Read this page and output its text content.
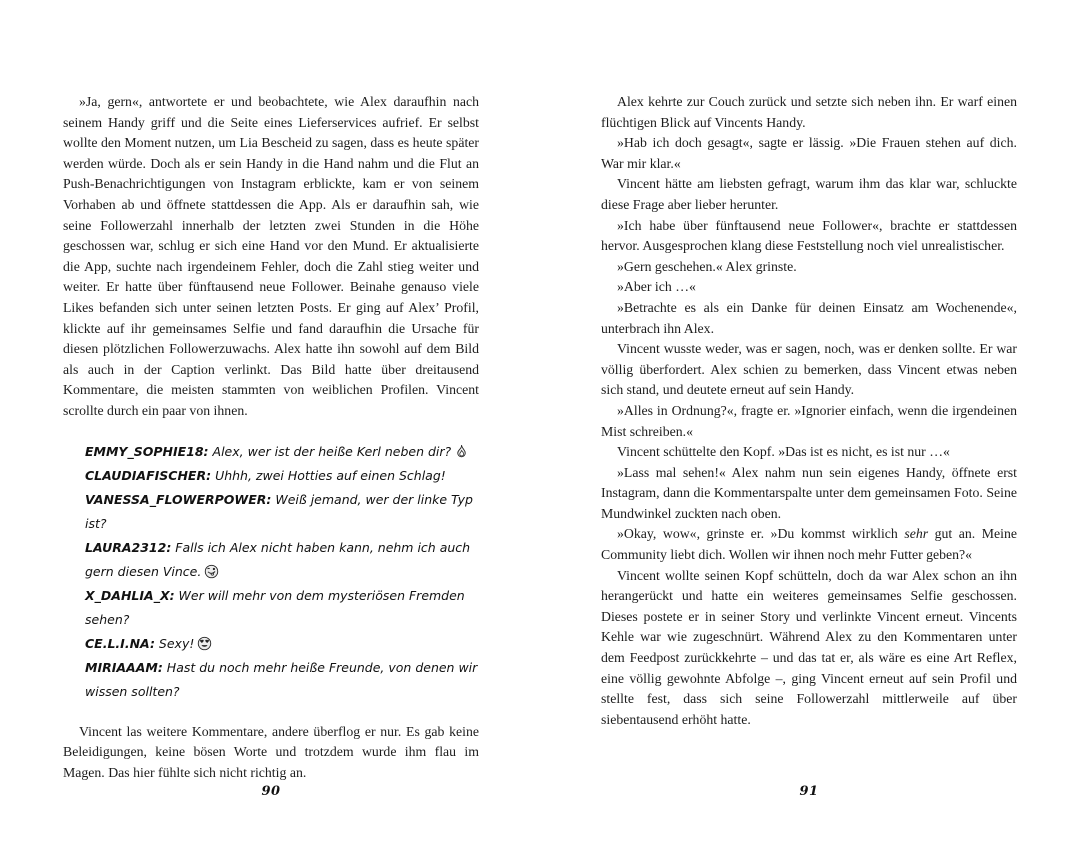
»Ja, gern«, antwortete er und beobachtete, wie Alex daraufhin nach seinem Handy griff und die Seite eines Lieferservices aufrief. Er selbst wollte den Moment nutzen, um Lia Bescheid zu sagen, dass es heute später werden würde. Doch als er sein Handy in die Hand nahm und die Flut an Push-Benachrichtigungen von Instagram erblickte, kam er von seinem Vorhaben ab und öffnete stattdessen die App. Als er daraufhin sah, wie seine Followerzahl innerhalb der letzten zwei Stunden in die Höhe geschossen war, schlug er sich eine Hand vor den Mund. Er aktualisierte die App, suchte nach irgendeinem Fehler, doch die Zahl stieg weiter und weiter. Er hatte über fünftausend neue Follower. Beinahe genauso viele Likes befanden sich unter seinen letzten Posts. Er ging auf Alex’ Profil, klickte auf ihr gemeinsames Selfie und fand daraufhin die Ursache für diesen plötzlichen Followerzuwachs. Alex hatte ihn sowohl auf dem Bild als auch in der Caption verlinkt. Das Bild hatte über dreitausend Kommentare, die meisten stammten von weiblichen Profilen. Vincent scrollte durch ein paar von ihnen.

EMMY_SOPHIE18: Alex, wer ist der heiße Kerl neben dir?
CLAUDIAFISCHER: Uhhh, zwei Hotties auf einen Schlag!
VANESSA_FLOWERPOWER: Weiß jemand, wer der linke Typ ist?
LAURA2312: Falls ich Alex nicht haben kann, nehm ich auch gern diesen Vince.
X_DAHLIA_X: Wer will mehr von dem mysteriösen Fremden sehen?
CE.L.I.NA: Sexy!
MIRIAAAM: Hast du noch mehr heiße Freunde, von denen wir wissen sollten?

Vincent las weitere Kommentare, andere überflog er nur. Es gab keine Beleidigungen, keine bösen Worte und trotzdem wurde ihm flau im Magen. Das hier fühlte sich nicht richtig an.

Alex kehrte zur Couch zurück und setzte sich neben ihn. Er warf einen flüchtigen Blick auf Vincents Handy.

»Hab ich doch gesagt«, sagte er lässig. »Die Frauen stehen auf dich. War mir klar.«

Vincent hätte am liebsten gefragt, warum ihm das klar war, schluckte diese Frage aber lieber herunter.

»Ich habe über fünftausend neue Follower«, brachte er stattdessen hervor. Ausgesprochen klang diese Feststellung noch viel unrealistischer.

»Gern geschehen.« Alex grinste.

»Aber ich …«

»Betrachte es als ein Danke für deinen Einsatz am Wochenende«, unterbrach ihn Alex.

Vincent wusste weder, was er sagen, noch, was er denken sollte. Er war völlig überfordert. Alex schien zu bemerken, dass Vincent etwas neben sich stand, und deutete erneut auf sein Handy.

»Alles in Ordnung?«, fragte er. »Ignorier einfach, wenn die irgendeinen Mist schreiben.«

Vincent schüttelte den Kopf. »Das ist es nicht, es ist nur …«

»Lass mal sehen!« Alex nahm nun sein eigenes Handy, öffnete erst Instagram, dann die Kommentarspalte unter dem gemeinsamen Foto. Seine Mundwinkel zuckten nach oben.

»Okay, wow«, grinste er. »Du kommst wirklich sehr gut an. Meine Community liebt dich. Wollen wir ihnen noch mehr Futter geben?«

Vincent wollte seinen Kopf schütteln, doch da war Alex schon an ihn herangerückt und hatte ein weiteres gemeinsames Selfie geschossen. Dieses postete er in seiner Story und verlinkte Vincent erneut. Vincents Kehle war wie zugeschnürt. Während Alex zu den Kommentaren unter dem Feedpost zurückkehrte – und das tat er, als wäre es eine Art Reflex, eine völlig gewohnte Abfolge –, ging Vincent erneut auf sein Profil und stellte fest, dass sich seine Followerzahl mittlerweile auf über siebentausend erhöht hatte.

90	91
